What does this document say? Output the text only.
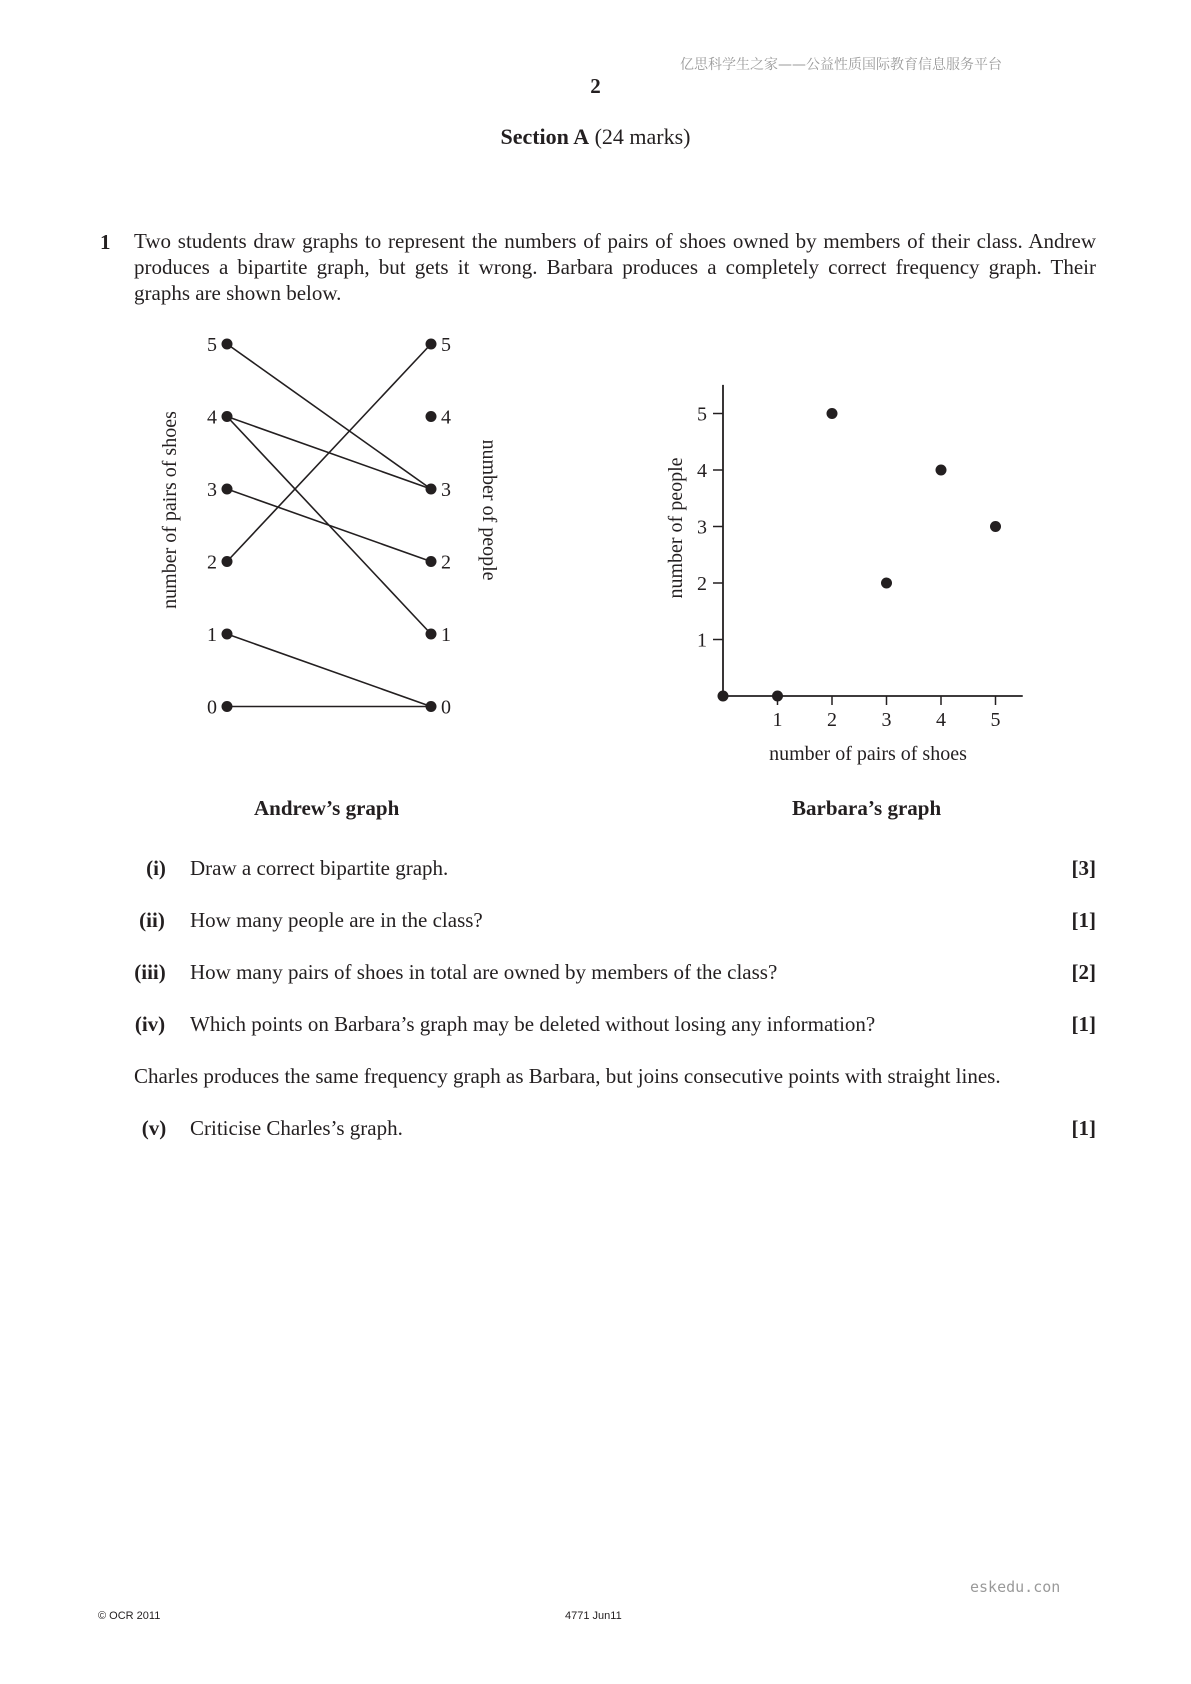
亿思科学生之家——公益性质国际教育信息服务平台
2
Section A (24 marks)
1 Two students draw graphs to represent the numbers of pairs of shoes owned by members of their class. Andrew produces a bipartite graph, but gets it wrong. Barbara produces a completely correct frequency graph. Their graphs are shown below.
5
4
3
2
1
0
5
4
3
2
1
0
number of pairs of shoes	number of people
Andrew’s graph
1 2 3 4 5
1
2
3
4
5
number of people
number of pairs of shoes
Barbara’s graph
(i)	Draw a correct bipartite graph.	[3]
(ii)	How many people are in the class?	[1]
(iii)	How many pairs of shoes in total are owned by members of the class?	[2]
(iv)	Which points on Barbara’s graph may be deleted without losing any information?	[1]
Charles produces the same frequency graph as Barbara, but joins consecutive points with straight lines.
(v)	Criticise Charles’s graph.	[1]
eskedu.con
© OCR 2011	4771 Jun11
